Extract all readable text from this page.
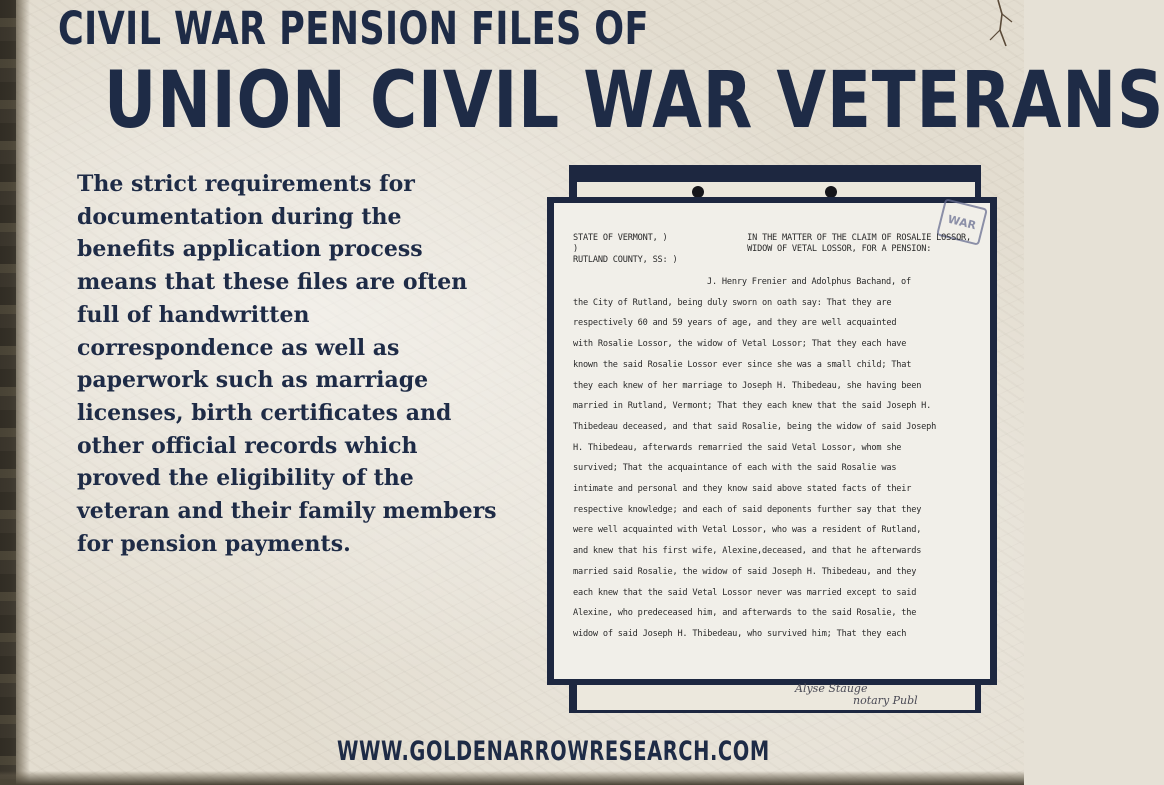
CIVIL WAR PENSION FILES OF
UNION CIVIL WAR VETERANS
The strict requirements for documentation during the benefits application process means that these files are often full of handwritten correspondence as well as paperwork such as marriage licenses, birth certificates and other official records which proved the eligibility of the veteran and their family members for pension payments.
WAR
STATE OF VERMONT, )
)
RUTLAND COUNTY, SS: )
IN THE MATTER OF THE CLAIM OF ROSALIE LOSSOR,
WIDOW OF VETAL LOSSOR, FOR A PENSION:
J. Henry Frenier and Adolphus Bachand, of
the City of Rutland, being duly sworn on oath say: That they are
respectively 60 and 59 years of age, and they are well acquainted
with Rosalie Lossor, the widow of Vetal Lossor; That they each have
known the said Rosalie Lossor ever since she was a small child; That
they each knew of her marriage to Joseph H. Thibedeau, she having been
married in Rutland, Vermont; That they each knew that the said Joseph H.
Thibedeau deceased, and that said Rosalie, being the widow of said Joseph
H. Thibedeau, afterwards remarried the said Vetal Lossor, whom she
survived; That the acquaintance of each with the said Rosalie was
intimate and personal and they know said above stated facts of their
respective knowledge; and each of said deponents further say that they
were well acquainted with Vetal Lossor, who was a resident of Rutland,
and knew that his first wife, Alexine,deceased, and that he afterwards
married said Rosalie, the widow of said Joseph H. Thibedeau, and they
each knew that the said Vetal Lossor never was married except to said
Alexine, who predeceased him, and afterwards to the said Rosalie, the
widow of said Joseph H. Thibedeau, who survived him; That they each
Alyse Stauge
notary Publ
WWW.GOLDENARROWRESEARCH.COM
